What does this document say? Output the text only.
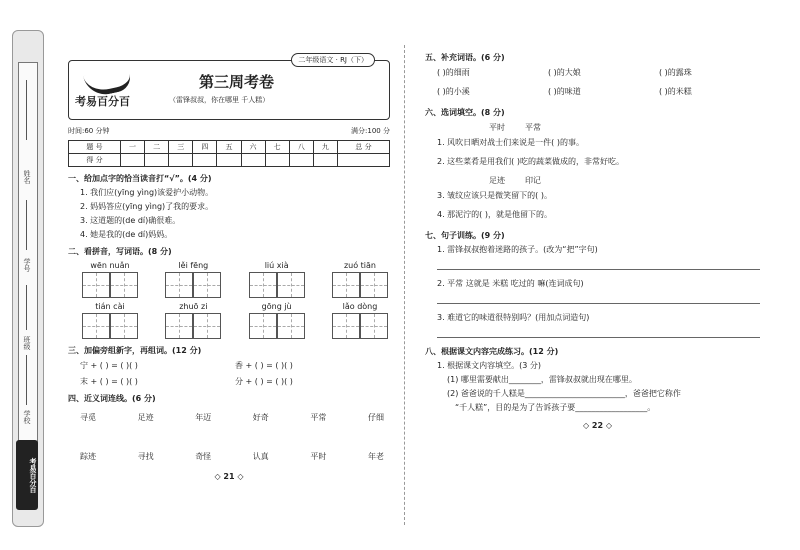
姓名
学号
班级
学校
考易百分百
二年级语文 · RJ（下）
考易百分百
第三周考卷
（雷锋叔叔，你在哪里 千人糕）
时间:60 分钟	满分:100 分
题 号	一	二	三	四	五	六	七	八	九	总 分
得 分										
一、给加点字的恰当读音打“√”。(4 分)
1. 我们应(yīng yìng)该爱护小动物。
2. 妈妈答应(yīng yìng)了我的要求。
3. 这道题的(de dí)确很难。
4. 她是我的(de dí)妈妈。
二、看拼音，写词语。(8 分)
wēn nuǎn	lěi fēng	liú xià	zuó tiān
tián cài	zhuō zi	gōng jù	lǎo dòng
三、加偏旁组新字，再组词。(12 分)
宁 + ( ) = ( )( )	香 + ( ) = ( )( )
末 + ( ) = ( )( )	分 + ( ) = ( )( )
四、近义词连线。(6 分)
寻觅	足迹	年迈	好奇	平常	仔细
踪迹	寻找	奇怪	认真	平时	年老
◇ 21 ◇
五、补充词语。(6 分)
( )的细雨	( )的大娘	( )的露珠
( )的小溪	( )的味道	( )的米糕
六、选词填空。(8 分)
平时	平常
1. 风吹日晒对战士们来说是一件( )的事。
2. 这些菜肴是用我们( )吃的蔬菜做成的，非常好吃。
足迹	印记
3. 皱纹应该只是微笑留下的( )。
4. 那泥泞的( )，就是他留下的。
七、句子训练。(9 分)
1. 雷锋叔叔抱着迷路的孩子。(改为“把”字句)
2. 平常 这就是 米糕 吃过的 嘛(连词成句)
3. 难道它的味道很特别吗？(用加点词造句)
八、根据课文内容完成练习。(12 分)
1. 根据课文内容填空。(3 分)
(1) 哪里需要献出________，雷锋叔叔就出现在哪里。
(2) 爸爸说的千人糕是_________________________，爸爸把它称作
“千人糕”，目的是为了告诉孩子要__________________。
◇ 22 ◇
